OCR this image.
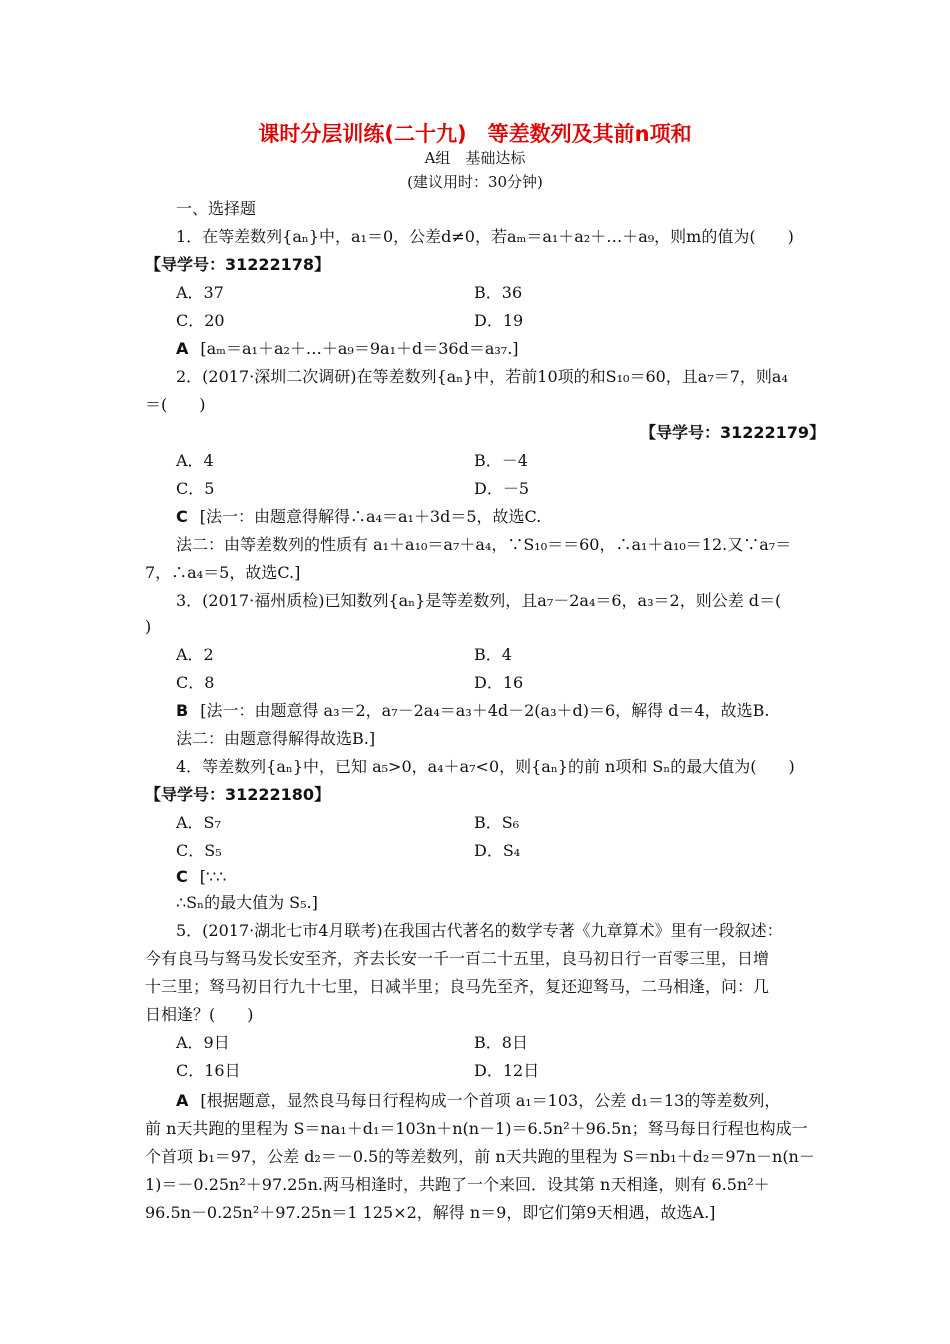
课时分层训练(二十九)　等差数列及其前n项和
A组　基础达标
(建议用时：30分钟)
一、选择题
1．在等差数列{aₙ}中，a₁＝0，公差d≠0，若aₘ＝a₁＋a₂＋…＋a₉，则m的值为(　　)
【导学号：31222178】
A．37	B．36
C．20	D．19
A [aₘ＝a₁＋a₂＋…＋a₉＝9a₁＋d＝36d＝a₃₇.]
2．(2017·深圳二次调研)在等差数列{aₙ}中，若前10项的和S₁₀＝60，且a₇＝7，则a₄
＝(　　)
【导学号：31222179】
A．4	B．－4
C．5	D．－5
C [法一：由题意得解得∴a₄＝a₁＋3d＝5，故选C.
法二：由等差数列的性质有 a₁＋a₁₀＝a₇＋a₄，∵S₁₀＝＝60，∴a₁＋a₁₀＝12.又∵a₇＝
7，∴a₄＝5，故选C.]
3．(2017·福州质检)已知数列{aₙ}是等差数列，且a₇－2a₄＝6，a₃＝2，则公差 d＝(
)
A．2	B．4
C．8	D．16
B [法一：由题意得 a₃＝2，a₇－2a₄＝a₃＋4d－2(a₃＋d)＝6，解得 d＝4，故选B.
法二：由题意得解得故选B.]
4．等差数列{aₙ}中，已知 a₅>0，a₄＋a₇<0，则{aₙ}的前 n项和 Sₙ的最大值为(　　)
【导学号：31222180】
A．S₇	B．S₆
C．S₅	D．S₄
C [∵∴
∴Sₙ的最大值为 S₅.]
5．(2017·湖北七市4月联考)在我国古代著名的数学专著《九章算术》里有一段叙述：
今有良马与驽马发长安至齐，齐去长安一千一百二十五里，良马初日行一百零三里，日增
十三里；驽马初日行九十七里，日减半里；良马先至齐，复还迎驽马，二马相逢，问：几
日相逢？(　　)
A．9日	B．8日
C．16日	D．12日
A [根据题意，显然良马每日行程构成一个首项 a₁＝103，公差 d₁＝13的等差数列，
前 n天共跑的里程为 S＝na₁＋d₁＝103n＋n(n－1)＝6.5n²＋96.5n；驽马每日行程也构成一
个首项 b₁＝97，公差 d₂＝－0.5的等差数列，前 n天共跑的里程为 S＝nb₁＋d₂＝97n－n(n－
1)＝－0.25n²＋97.25n.两马相逢时，共跑了一个来回．设其第 n天相逢，则有 6.5n²＋
96.5n－0.25n²＋97.25n＝1 125×2，解得 n＝9，即它们第9天相遇，故选A.]
